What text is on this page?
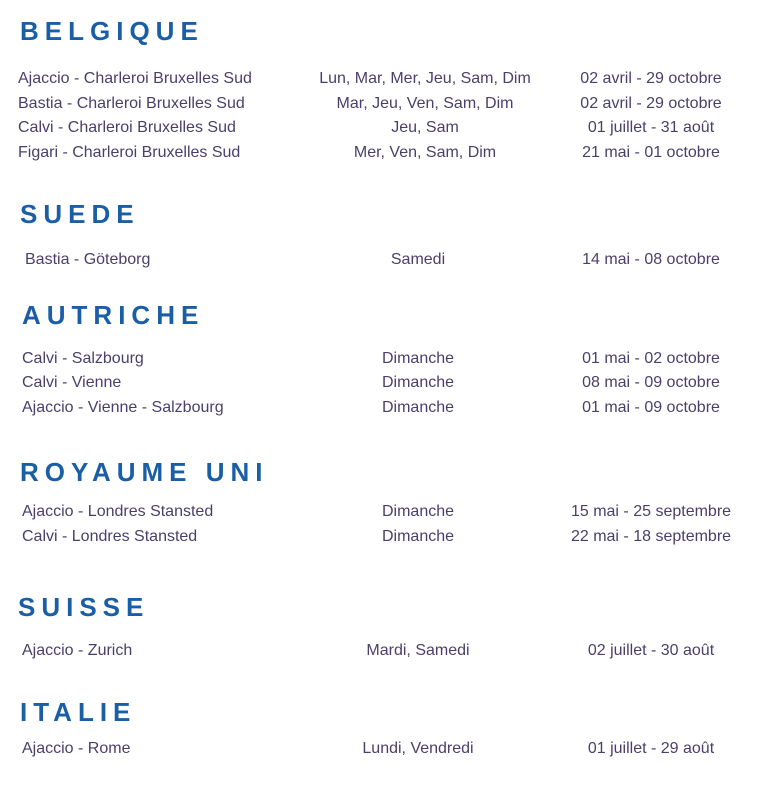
BELGIQUE
Ajaccio - Charleroi Bruxelles Sud	Lun, Mar, Mer, Jeu, Sam, Dim	02 avril - 29 octobre
Bastia - Charleroi Bruxelles Sud	Mar, Jeu, Ven, Sam, Dim	02 avril - 29 octobre
Calvi - Charleroi Bruxelles Sud	Jeu, Sam	01 juillet - 31 août
Figari - Charleroi Bruxelles Sud	Mer, Ven, Sam, Dim	21 mai - 01 octobre
SUEDE
Bastia - Göteborg	Samedi	14 mai - 08 octobre
AUTRICHE
Calvi - Salzbourg	Dimanche	01 mai - 02 octobre
Calvi - Vienne	Dimanche	08 mai - 09 octobre
Ajaccio - Vienne - Salzbourg	Dimanche	01 mai - 09 octobre
ROYAUME UNI
Ajaccio - Londres Stansted	Dimanche	15 mai - 25 septembre
Calvi - Londres Stansted	Dimanche	22 mai - 18 septembre
SUISSE
Ajaccio - Zurich	Mardi, Samedi	02 juillet - 30 août
ITALIE
Ajaccio - Rome	Lundi, Vendredi	01 juillet - 29 août
